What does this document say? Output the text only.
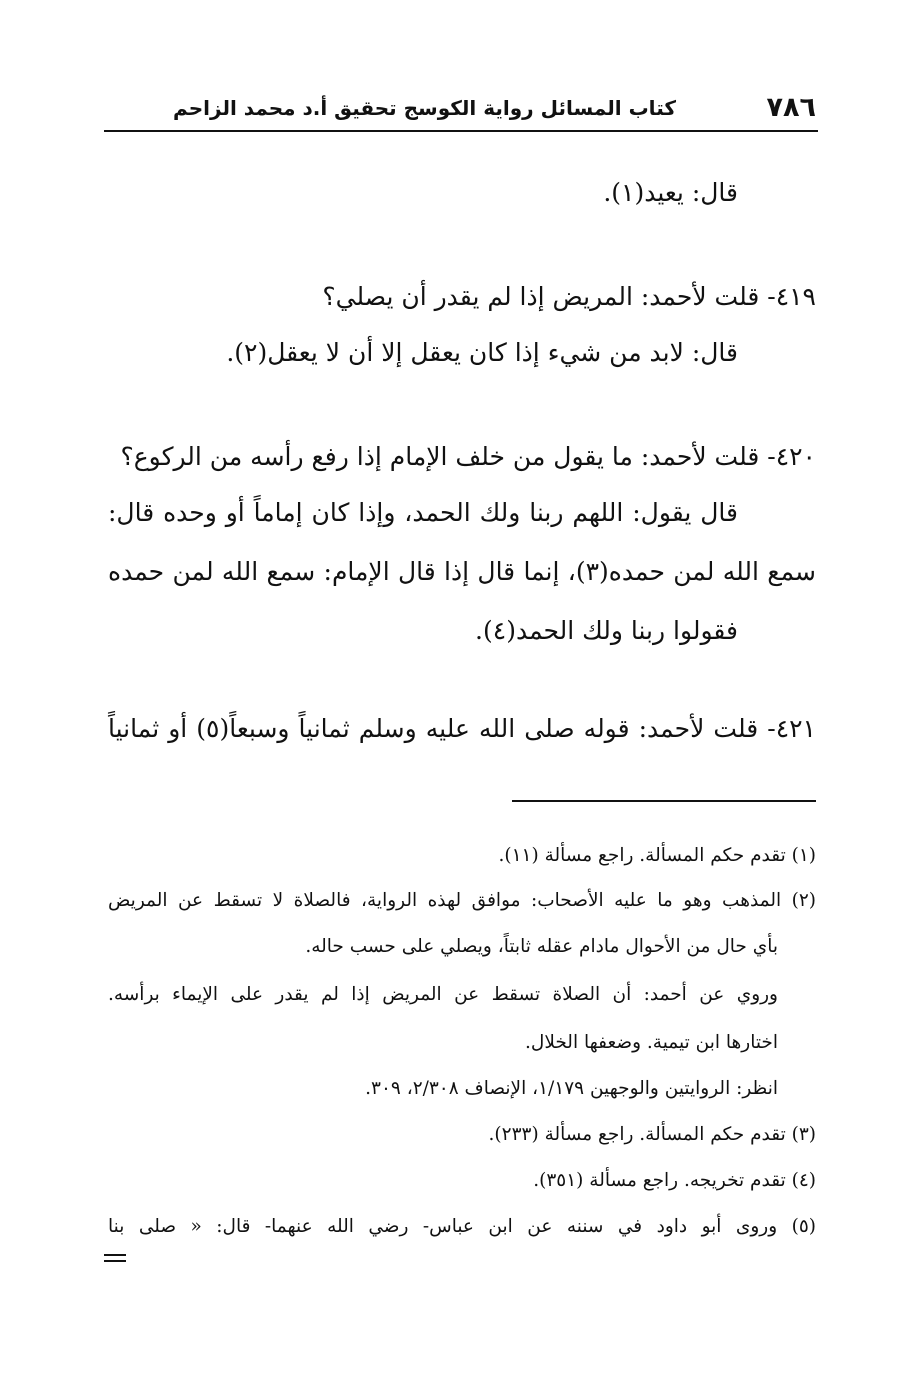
٧٨٦
كتاب المسائل رواية الكوسج تحقيق أ.د محمد الزاحم
قال: يعيد(١).
٤١٩- قلت لأحمد: المريض إذا لم يقدر أن يصلي؟
قال: لابد من شيء إذا كان يعقل إلا أن لا يعقل(٢).
٤٢٠- قلت لأحمد: ما يقول من خلف الإمام إذا رفع رأسه من الركوع؟
قال يقول: اللهم ربنا ولك الحمد، وإذا كان إماماً أو وحده قال:
سمع الله لمن حمده(٣)، إنما قال إذا قال الإمام: سمع الله لمن حمده
فقولوا ربنا ولك الحمد(٤).
٤٢١- قلت لأحمد: قوله صلى الله عليه وسلم ثمانياً وسبعاً(٥) أو ثمانياً
(١) تقدم حكم المسألة. راجع مسألة (١١).
(٢) المذهب وهو ما عليه الأصحاب: موافق لهذه الرواية، فالصلاة لا تسقط عن المريض
بأي حال من الأحوال مادام عقله ثابتاً، ويصلي على حسب حاله.
وروي عن أحمد: أن الصلاة تسقط عن المريض إذا لم يقدر على الإيماء برأسه.
اختارها ابن تيمية. وضعفها الخلال.
انظر: الروايتين والوجهين ١/١٧٩، الإنصاف ٢/٣٠٨، ٣٠٩.
(٣) تقدم حكم المسألة. راجع مسألة (٢٣٣).
(٤) تقدم تخريجه. راجع مسألة (٣٥١).
(٥) وروى أبو داود في سننه عن ابن عباس- رضي الله عنهما- قال: « صلى بنا
